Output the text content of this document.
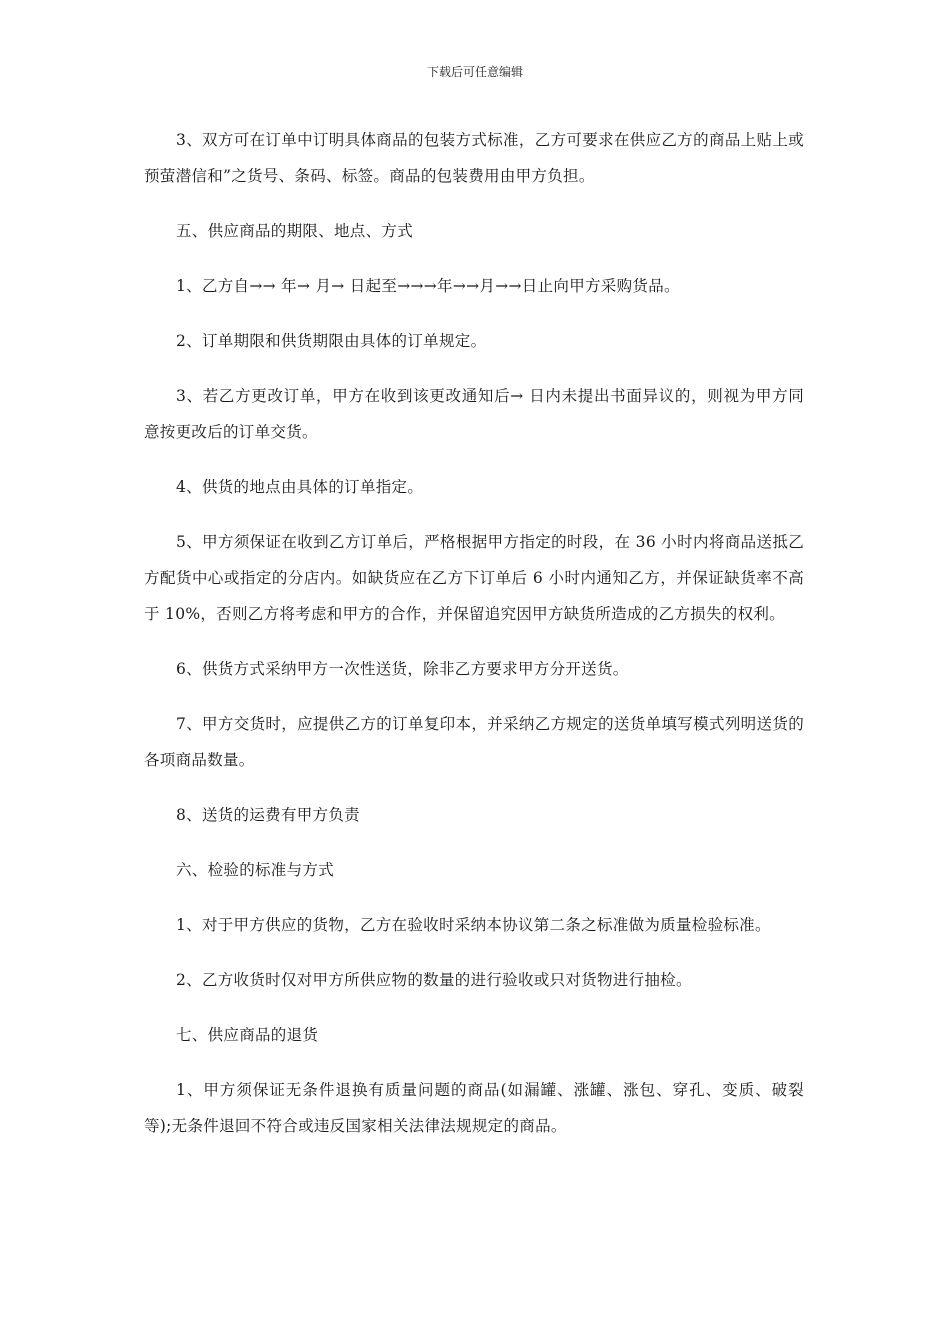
下载后可任意编辑

3、双方可在订单中订明具体商品的包装方式标准，乙方可要求在供应乙方的商品上贴上或预萤潜信和”之货号、条码、标签。商品的包装费用由甲方负担。

五、供应商品的期限、地点、方式

1、乙方自→→ 年→ 月→ 日起至→→→年→→月→→日止向甲方采购货品。

2、订单期限和供货期限由具体的订单规定。

3、若乙方更改订单，甲方在收到该更改通知后→ 日内未提出书面异议的，则视为甲方同意按更改后的订单交货。

4、供货的地点由具体的订单指定。

5、甲方须保证在收到乙方订单后，严格根据甲方指定的时段，在 36 小时内将商品送抵乙方配货中心或指定的分店内。如缺货应在乙方下订单后 6 小时内通知乙方，并保证缺货率不高于 10%，否则乙方将考虑和甲方的合作，并保留追究因甲方缺货所造成的乙方损失的权利。

6、供货方式采纳甲方一次性送货，除非乙方要求甲方分开送货。

7、甲方交货时，应提供乙方的订单复印本，并采纳乙方规定的送货单填写模式列明送货的各项商品数量。

8、送货的运费有甲方负责

六、检验的标准与方式

1、对于甲方供应的货物，乙方在验收时采纳本协议第二条之标准做为质量检验标准。

2、乙方收货时仅对甲方所供应物的数量的进行验收或只对货物进行抽检。

七、供应商品的退货

1、甲方须保证无条件退换有质量问题的商品(如漏罐、涨罐、涨包、穿孔、变质、破裂等);无条件退回不符合或违反国家相关法律法规规定的商品。
